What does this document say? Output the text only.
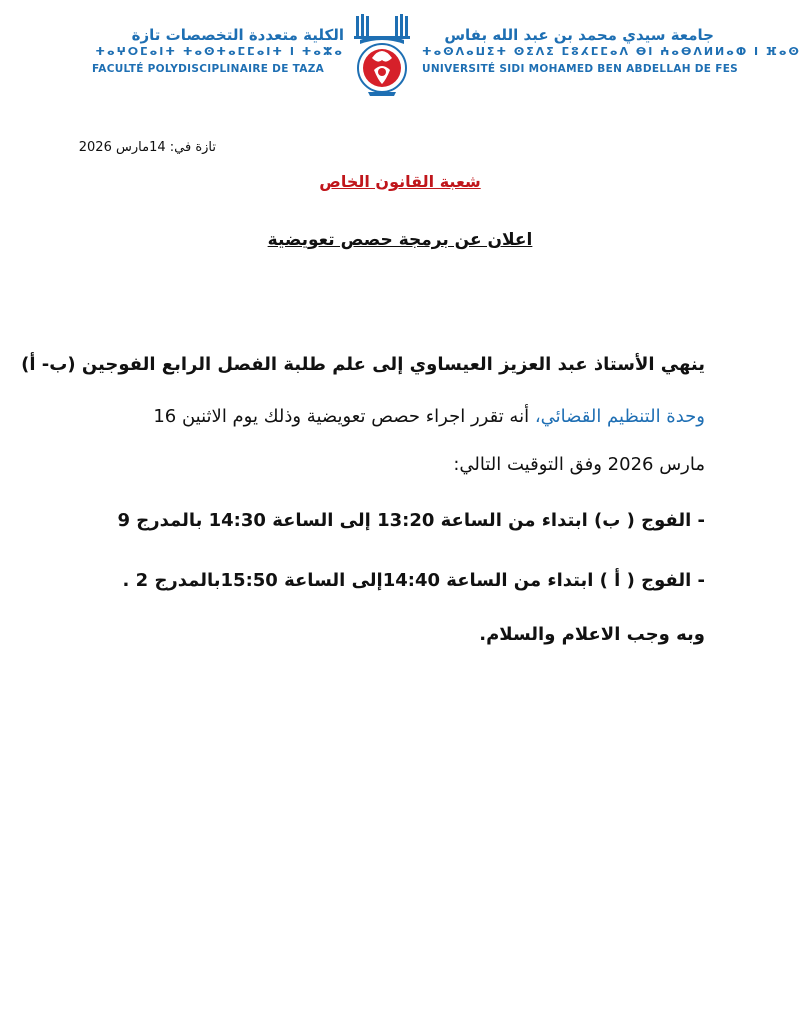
الكلية متعددة التخصصات تازة
ⵜⴰⵖⵔⵎⴰⵏⵜ ⵜⴰⵙⵜⴰⵎⵎⴰⵏⵜ ⵏ ⵜⴰⵣⴰ
FACULTÉ POLYDISCIPLINAIRE DE TAZA
جامعة سيدي محمد بن عبد الله بفاس
ⵜⴰⵙⴷⴰⵡⵉⵜ ⵙⵉⴷⵉ ⵎⵓⵃⵎⵎⴰⴷ ⴱⵏ ⵄⴰⴱⴷⵍⵍⴰⵀ ⵏ ⴼⴰⵙ
UNIVERSITÉ SIDI MOHAMED BEN ABDELLAH DE FES
تازة في: 14مارس 2026
شعبة القانون الخاص
اعلان عن برمجة حصص تعويضية
ينهي الأستاذ عبد العزيز العيساوي إلى علم طلبة الفصل الرابع الفوجين (ب- أ)
وحدة التنظيم القضائي، أنه تقرر اجراء حصص تعويضية وذلك يوم الاثنين 16
مارس 2026 وفق التوقيت التالي:
- الفوج ( ب) ابتداء من الساعة 13:20 إلى الساعة 14:30 بالمدرج 9
- الفوج ( أ ) ابتداء من الساعة 14:40إلى الساعة 15:50بالمدرج 2 .
وبه وجب الاعلام والسلام.
